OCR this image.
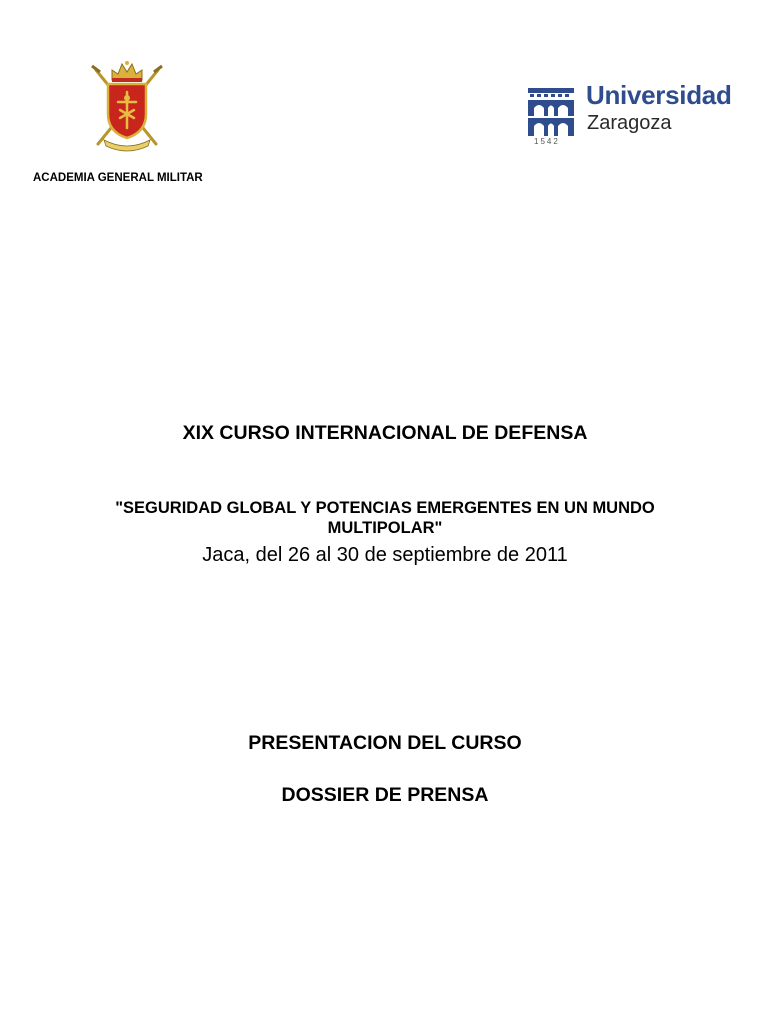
Universidad
Zaragoza
1542
ACADEMIA GENERAL MILITAR
XIX CURSO INTERNACIONAL DE DEFENSA
"SEGURIDAD GLOBAL Y POTENCIAS EMERGENTES EN UN MUNDO MULTIPOLAR"
Jaca, del 26 al 30 de septiembre de 2011
PRESENTACION DEL CURSO
DOSSIER DE PRENSA
